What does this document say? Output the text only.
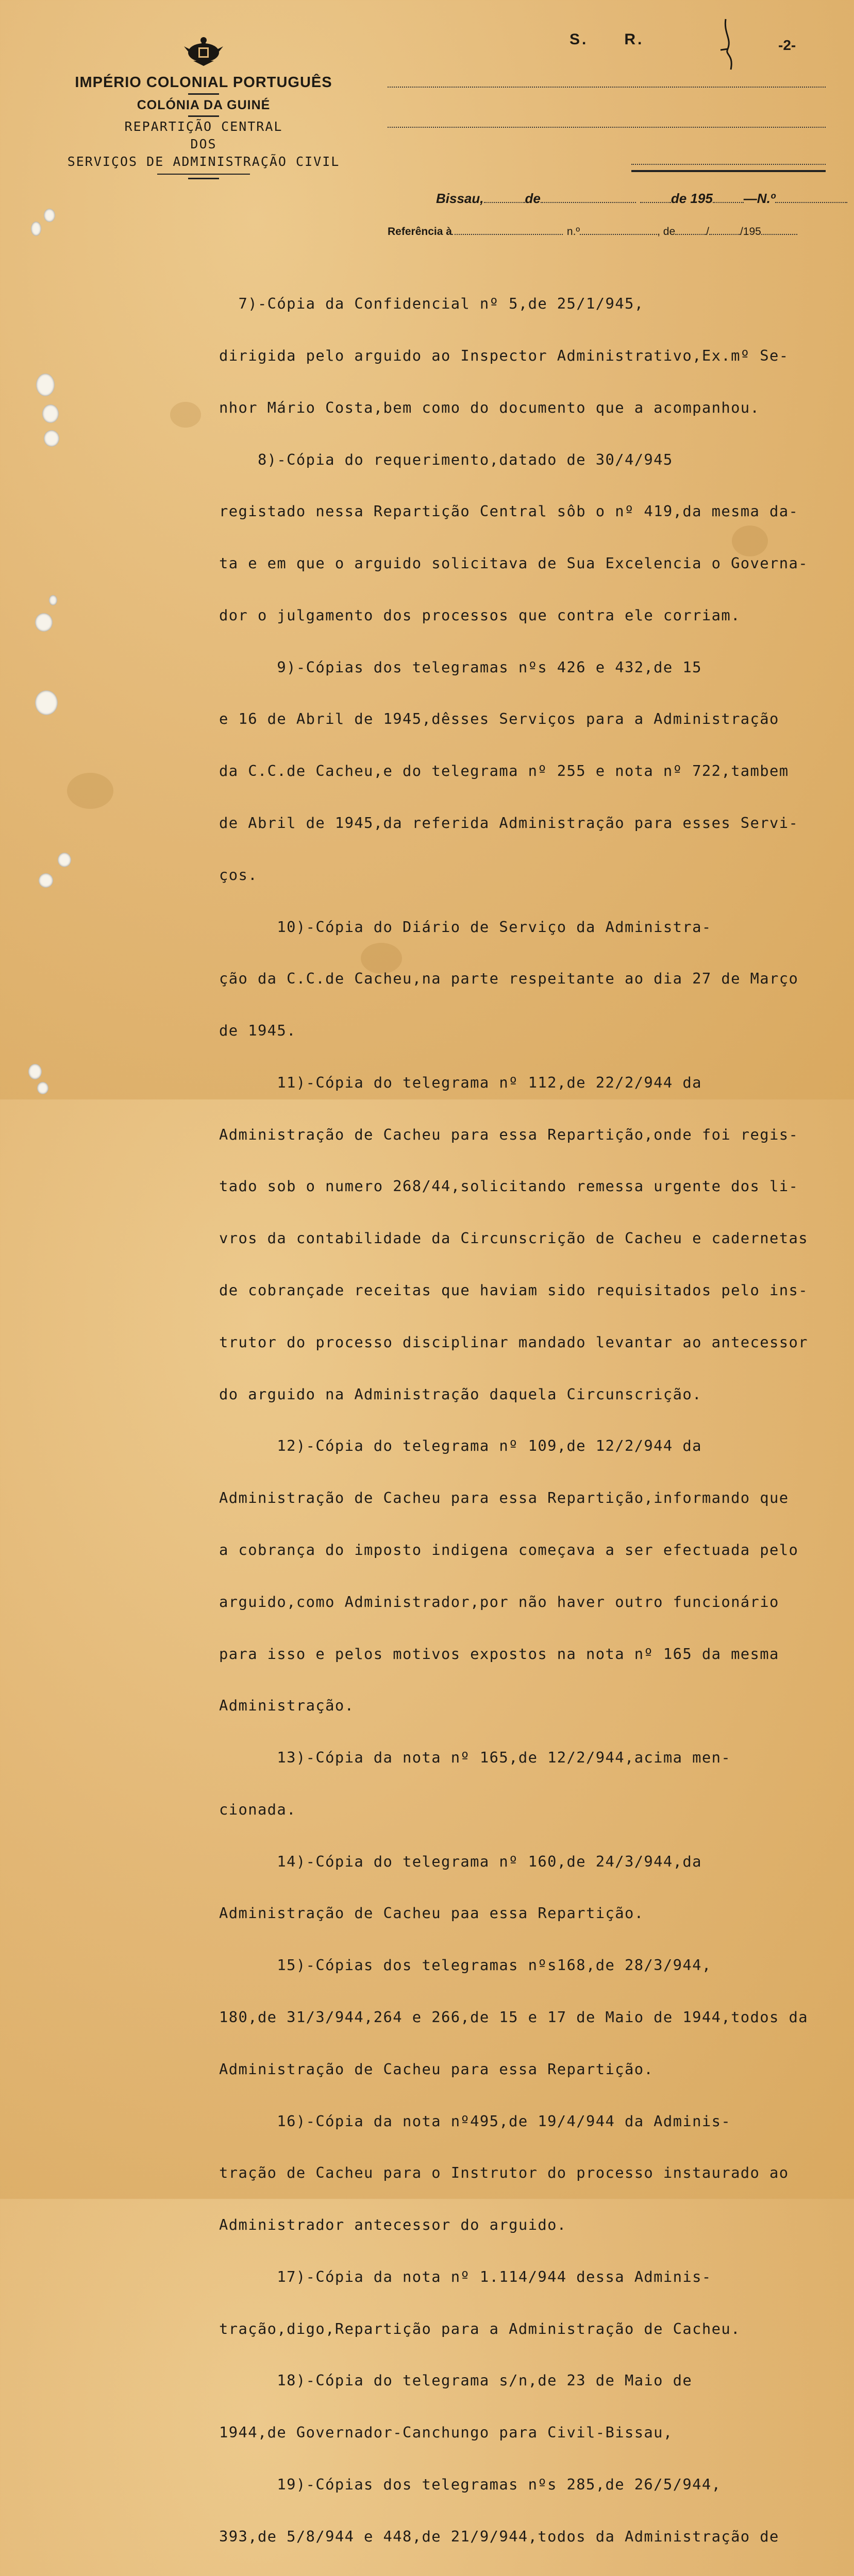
IMPÉRIO COLONIAL PORTUGUÊS
COLÓNIA DA GUINÉ
REPARTIÇÃO CENTRAL
DOS
SERVIÇOS DE ADMINISTRAÇÃO CIVIL
S. R.	-2-
Bissau,	de	de 195 —N.º
Referência à	n.º	, de	/	/195

7)-Cópia da Confidencial nº 5,de 25/1/945,

dirigida pelo arguido ao Inspector Administrativo,Ex.mº Se-

nhor Mário Costa,bem como do documento que a acompanhou.

8)-Cópia do requerimento,datado de 30/4/945

registado nessa Repartição Central sôb o nº 419,da mesma da-

ta e em que o arguido solicitava de Sua Excelencia o Governa-

dor o julgamento dos processos que contra ele corriam.

9)-Cópias dos telegramas nºs 426 e 432,de 15

e 16 de Abril de 1945,dêsses Serviços para a Administração

da C.C.de Cacheu,e do telegrama nº 255 e nota nº 722,tambem

de Abril de 1945,da referida Administração para esses Servi-

ços.

10)-Cópia do Diário de Serviço da Administra-

ção da C.C.de Cacheu,na parte respeitante ao dia 27 de Março

de 1945.

11)-Cópia do telegrama nº 112,de 22/2/944 da

Administração de Cacheu para essa Repartição,onde foi regis-

tado sob o numero 268/44,solicitando remessa urgente dos li-

vros da contabilidade da Circunscrição de Cacheu e cadernetas

de cobrançade receitas que haviam sido requisitados pelo ins-

trutor do processo disciplinar mandado levantar ao antecessor

do arguido na Administração daquela Circunscrição.

12)-Cópia do telegrama nº 109,de 12/2/944 da

Administração de Cacheu para essa Repartição,informando que

a cobrança do imposto indigena começava a ser efectuada pelo

arguido,como Administrador,por não haver outro funcionário

para isso e pelos motivos expostos na nota nº 165 da mesma

Administração.

13)-Cópia da nota nº 165,de 12/2/944,acima men-

cionada.

14)-Cópia do telegrama nº 160,de 24/3/944,da

Administração de Cacheu paa essa Repartição.

15)-Cópias dos telegramas nºs168,de 28/3/944,

180,de 31/3/944,264 e 266,de 15 e 17 de Maio de 1944,todos da

Administração de Cacheu para essa Repartição.

16)-Cópia da nota nº495,de 19/4/944 da Adminis-

tração de Cacheu para o Instrutor do processo instaurado ao

Administrador antecessor do arguido.

17)-Cópia da nota nº 1.114/944 dessa Adminis-

tração,digo,Repartição para a Administração de Cacheu.

18)-Cópia do telegrama s/n,de 23 de Maio de

1944,de Governador-Canchungo para Civil-Bissau,

19)-Cópias dos telegramas nºs 285,de 26/5/944,

393,de 5/8/944 e 448,de 21/9/944,todos da Administração de
